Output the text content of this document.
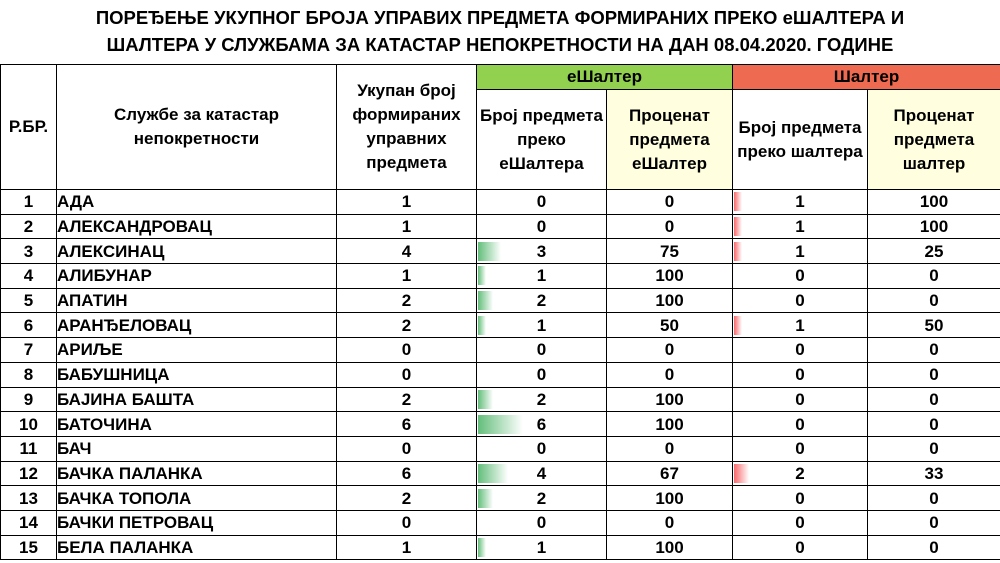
ПОРЕЂЕЊЕ УКУПНОГ БРОЈА УПРАВИХ ПРЕДМЕТА ФОРМИРАНИХ ПРЕКО еШАЛТЕРА И
ШАЛТЕРА У СЛУЖБАМА ЗА КАТАСТАР НЕПОКРЕТНОСТИ НА ДАН 08.04.2020. ГОДИНЕ
Р.БР.	Службе за катастар непокретности	Укупан број формираних управних предмета	еШалтер		Шалтер	
			Број предмета преко еШалтера	Проценат предмета еШалтер	Број предмета преко шалтера	Проценат предмета шалтер
1	АДА	1	0	0	1	100
2	АЛЕКСАНДРОВАЦ	1	0	0	1	100
3	АЛЕКСИНАЦ	4	3	75	1	25
4	АЛИБУНАР	1	1	100	0	0
5	АПАТИН	2	2	100	0	0
6	АРАНЂЕЛОВАЦ	2	1	50	1	50
7	АРИЉЕ	0	0	0	0	0
8	БАБУШНИЦА	0	0	0	0	0
9	БАЈИНА БАШТА	2	2	100	0	0
10	БАТОЧИНА	6	6	100	0	0
11	БАЧ	0	0	0	0	0
12	БАЧКА ПАЛАНКА	6	4	67	2	33
13	БАЧКА ТОПОЛА	2	2	100	0	0
14	БАЧКИ ПЕТРОВАЦ	0	0	0	0	0
15	БЕЛА ПАЛАНКА	1	1	100	0	0
